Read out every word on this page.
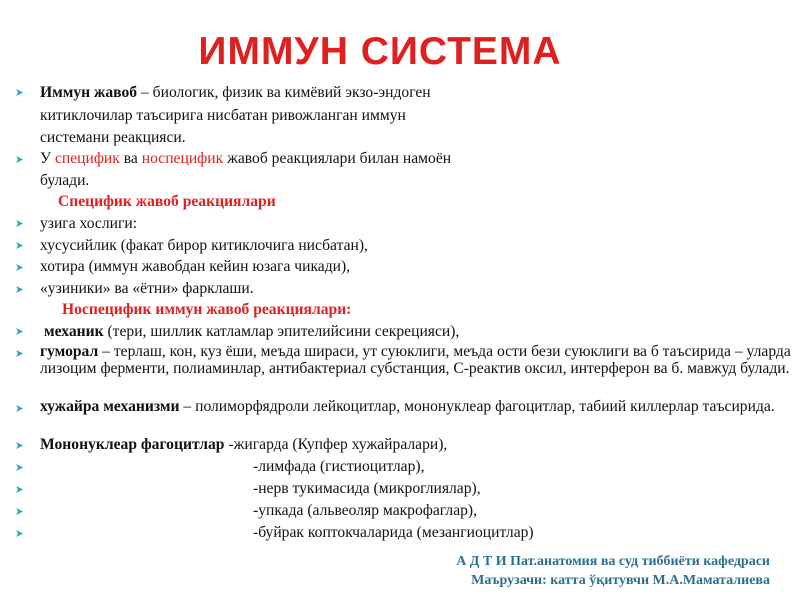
ИММУН СИСТЕМА
Иммун жавоб – биологик, физик ва кимёвий экзо-эндоген
китиклочилар таъсирига нисбатан ривожланган иммун
системани реакцияси.
У специфик ва носпецифик жавоб реакциялари билан намоён
булади.
Специфик жавоб реакциялари
узига хослиги:
хусусийлик (факат бирор китиклочига нисбатан),
хотира (иммун жавобдан кейин юзага чикади),
«узиники» ва «ётни» фарклаши.
Носпецифик иммун жавоб реакциялари:
механик (тери, шиллик катламлар эпителийсини секрецияси),
гуморал – терлаш, кон, куз ёши, меъда шираси, ут суюклиги, меъда ости бези суюклиги ва б таъсирида – уларда лизоцим ферменти, полиаминлар, антибактериал субстанция, С-реактив оксил, интерферон ва б. мавжуд булади.
хужайра механизми – полиморфядроли лейкоцитлар, мононуклеар фагоцитлар, табиий киллерлар таъсирида.
Мононуклеар фагоцитлар -жигарда (Купфер хужайралари),
-лимфада (гистиоцитлар),
-нерв тукимасида (микроглиялар),
-упкада (альвеоляр макрофаглар),
-буйрак коптокчаларида (мезангиоцитлар)
А Д Т И Пат.анатомия ва суд тиббиёти кафедраси
Маърузачи: катта ўқитувчи М.А.Маматалиева
